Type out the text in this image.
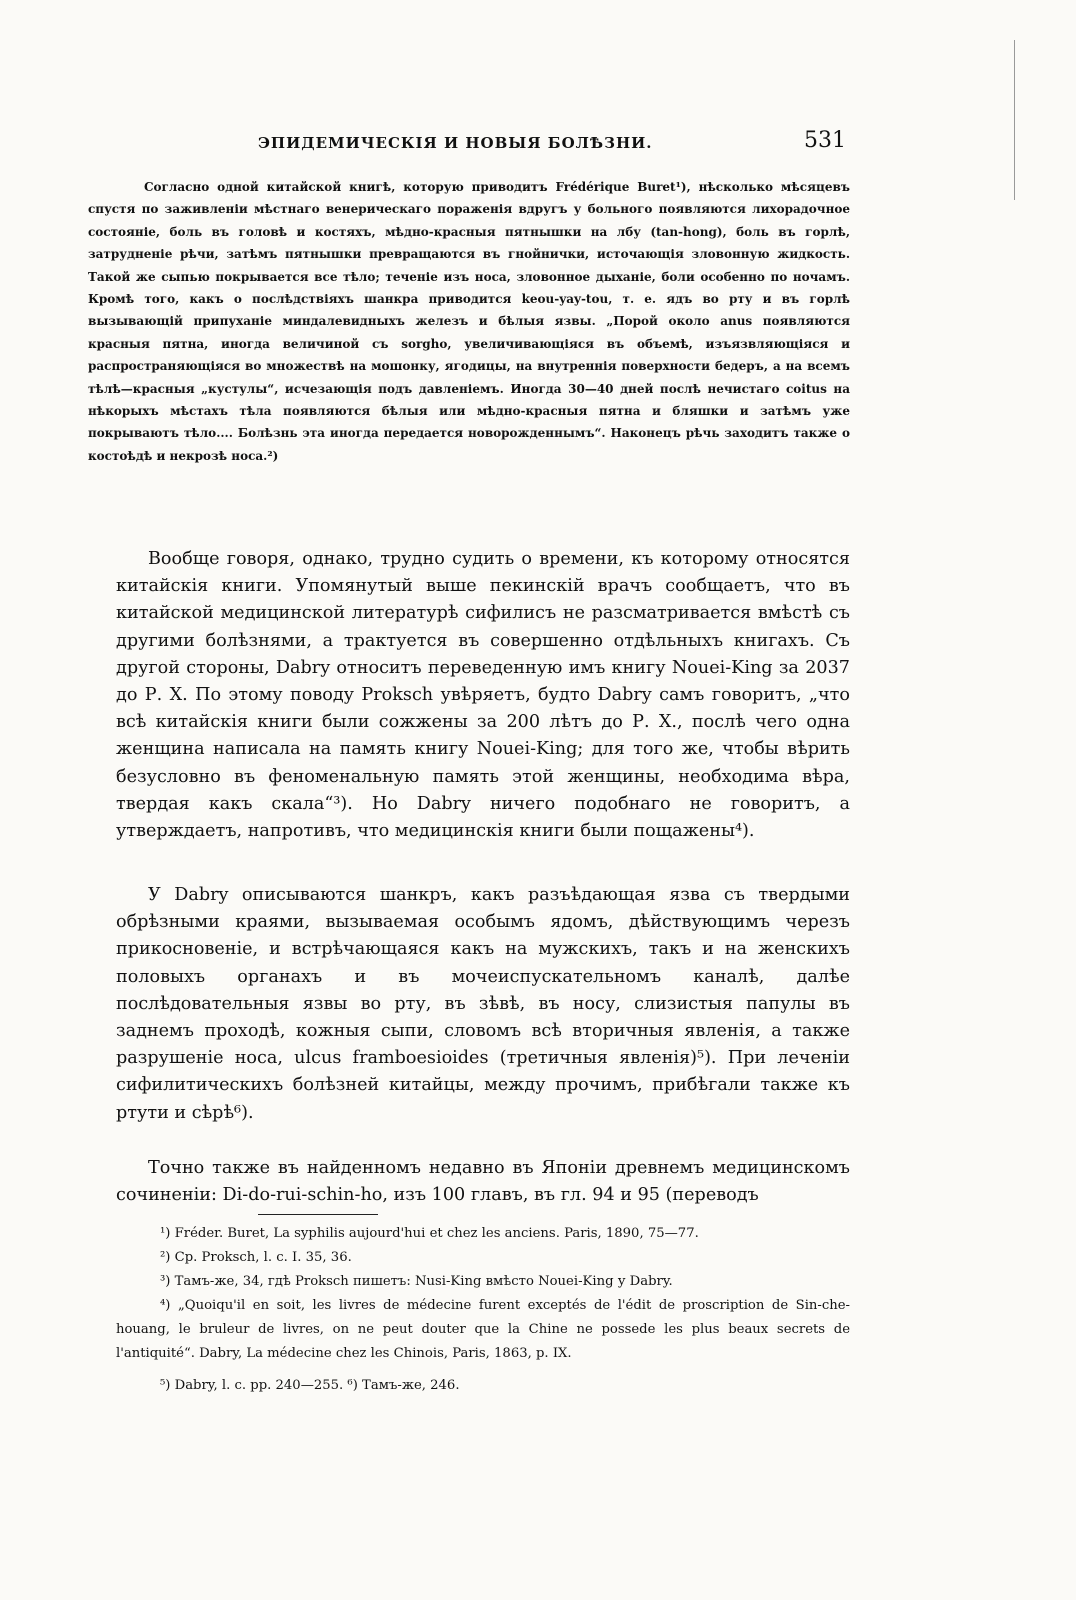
ЭПИДЕМИЧЕСКІЯ И НОВЫЯ БОЛѢЗНИ.	531

Согласно одной китайской книгѣ, которую приводитъ Frédérique Buret¹), нѣсколько мѣсяцевъ спустя по заживленіи мѣстнаго венерическаго пораженія вдругъ у больного появляются лихорадочное состояніе, боль въ головѣ и костяхъ, мѣдно-красныя пятнышки на лбу (tan-hong), боль въ горлѣ, затрудненіе рѣчи, затѣмъ пятнышки превращаются въ гнойнички, источающія зловонную жидкость. Такой же сыпью покрывается все тѣло; теченіе изъ носа, зловонное дыханіе, боли особенно по ночамъ. Кромѣ того, какъ о послѣдствіяхъ шанкра приводится keou-yay-tou, т. е. ядъ во рту и въ горлѣ вызывающій припуханіе миндалевидныхъ железъ и бѣлыя язвы. „Порой около anus появляются красныя пятна, иногда величиной съ sorgho, увеличивающіяся въ объемѣ, изъязвляющіяся и распространяющіяся во множествѣ на мошонку, ягодицы, на внутреннія поверхности бедеръ, а на всемъ тѣлѣ—красныя „кустулы“, исчезающія подъ давленіемъ. Иногда 30—40 дней послѣ нечистаго coitus на нѣкорыхъ мѣстахъ тѣла появляются бѣлыя или мѣдно-красныя пятна и бляшки и затѣмъ уже покрываютъ тѣло.... Болѣзнь эта иногда передается новорожденнымъ“. Наконецъ рѣчь заходитъ также о костоѣдѣ и некрозѣ носа.²)

Вообще говоря, однако, трудно судить о времени, къ которому относятся китайскія книги. Упомянутый выше пекинскій врачъ сообщаетъ, что въ китайской медицинской литературѣ сифилисъ не разсматривается вмѣстѣ съ другими болѣзнями, а трактуется въ совершенно отдѣльныхъ книгахъ. Съ другой стороны, Dabry относитъ переведенную имъ книгу Nouei-King за 2037 до Р. Х. По этому поводу Proksch увѣряетъ, будто Dabry самъ говоритъ, „что всѣ китайскія книги были сожжены за 200 лѣтъ до Р. Х., послѣ чего одна женщина написала на память книгу Nouei-King; для того же, чтобы вѣрить безусловно въ феноменальную память этой женщины, необходима вѣра, твердая какъ скала“³). Но Dabry ничего подобнаго не говоритъ, а утверждаетъ, напротивъ, что медицинскія книги были пощажены⁴).

У Dabry описываются шанкръ, какъ разъѣдающая язва съ твердыми обрѣзными краями, вызываемая особымъ ядомъ, дѣйствующимъ черезъ прикосновеніе, и встрѣчающаяся какъ на мужскихъ, такъ и на женскихъ половыхъ органахъ и въ мочеиспускательномъ каналѣ, далѣе послѣдовательныя язвы во рту, въ зѣвѣ, въ носу, слизистыя папулы въ заднемъ проходѣ, кожныя сыпи, словомъ всѣ вторичныя явленія, а также разрушеніе носа, ulcus frambоesioides (третичныя явленія)⁵). При леченіи сифилитическихъ болѣзней китайцы, между прочимъ, прибѣгали также къ ртути и сѣрѣ⁶).

Точно также въ найденномъ недавно въ Японіи древнемъ медицинскомъ сочиненіи: Di-do-rui-schin-ho, изъ 100 главъ, въ гл. 94 и 95 (переводъ

¹) Fréder. Buret, La syphilis aujourd'hui et chez les anciens. Paris, 1890, 75—77.

²) Ср. Proksch, l. c. I. 35, 36.

³) Тамъ-же, 34, гдѣ Proksch пишетъ: Nusi-King вмѣсто Nouei-King у Dabry.

⁴) „Quoiqu'il en soit, les livres de médecine furent exceptés de l'édit de proscription de Sin-che-houang, le bruleur de livres, on ne peut douter que la Chine ne possede les plus beaux secrets de l'antiquité“. Dabry, La médecine chez les Chinois, Paris, 1863, p. IX.

⁵) Dabry, l. c. pp. 240—255. ⁶) Тамъ-же, 246.
